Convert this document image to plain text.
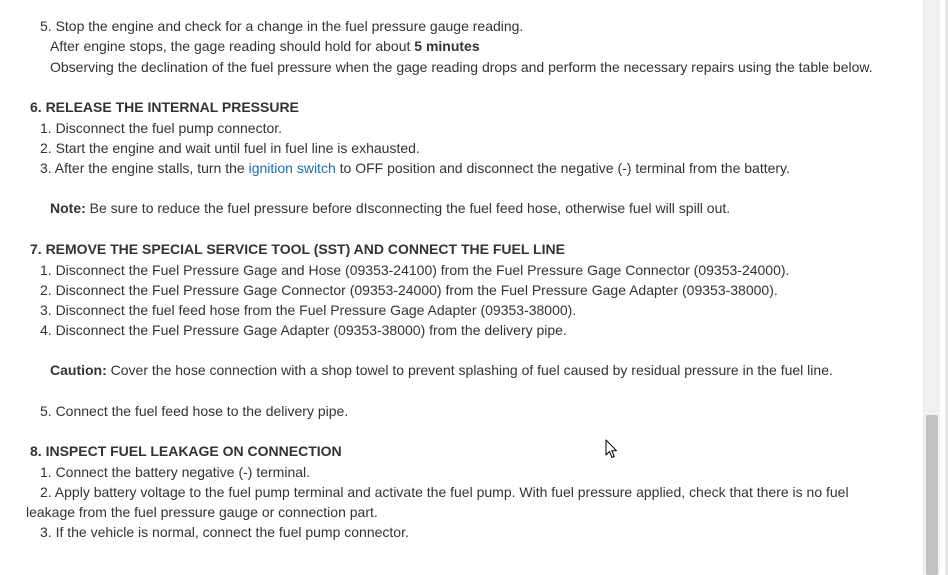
5. Stop the engine and check for a change in the fuel pressure gauge reading.
After engine stops, the gage reading should hold for about 5 minutes
Observing the declination of the fuel pressure when the gage reading drops and perform the necessary repairs using the table below.
6. RELEASE THE INTERNAL PRESSURE
1. Disconnect the fuel pump connector.
2. Start the engine and wait until fuel in fuel line is exhausted.
3. After the engine stalls, turn the ignition switch to OFF position and disconnect the negative (-) terminal from the battery.
Note: Be sure to reduce the fuel pressure before dIsconnecting the fuel feed hose, otherwise fuel will spill out.
7. REMOVE THE SPECIAL SERVICE TOOL (SST) AND CONNECT THE FUEL LINE
1. Disconnect the Fuel Pressure Gage and Hose (09353-24100) from the Fuel Pressure Gage Connector (09353-24000).
2. Disconnect the Fuel Pressure Gage Connector (09353-24000) from the Fuel Pressure Gage Adapter (09353-38000).
3. Disconnect the fuel feed hose from the Fuel Pressure Gage Adapter (09353-38000).
4. Disconnect the Fuel Pressure Gage Adapter (09353-38000) from the delivery pipe.
Caution: Cover the hose connection with a shop towel to prevent splashing of fuel caused by residual pressure in the fuel line.
5. Connect the fuel feed hose to the delivery pipe.
8. INSPECT FUEL LEAKAGE ON CONNECTION
1. Connect the battery negative (-) terminal.
2. Apply battery voltage to the fuel pump terminal and activate the fuel pump. With fuel pressure applied, check that there is no fuel
leakage from the fuel pressure gauge or connection part.
3. If the vehicle is normal, connect the fuel pump connector.
